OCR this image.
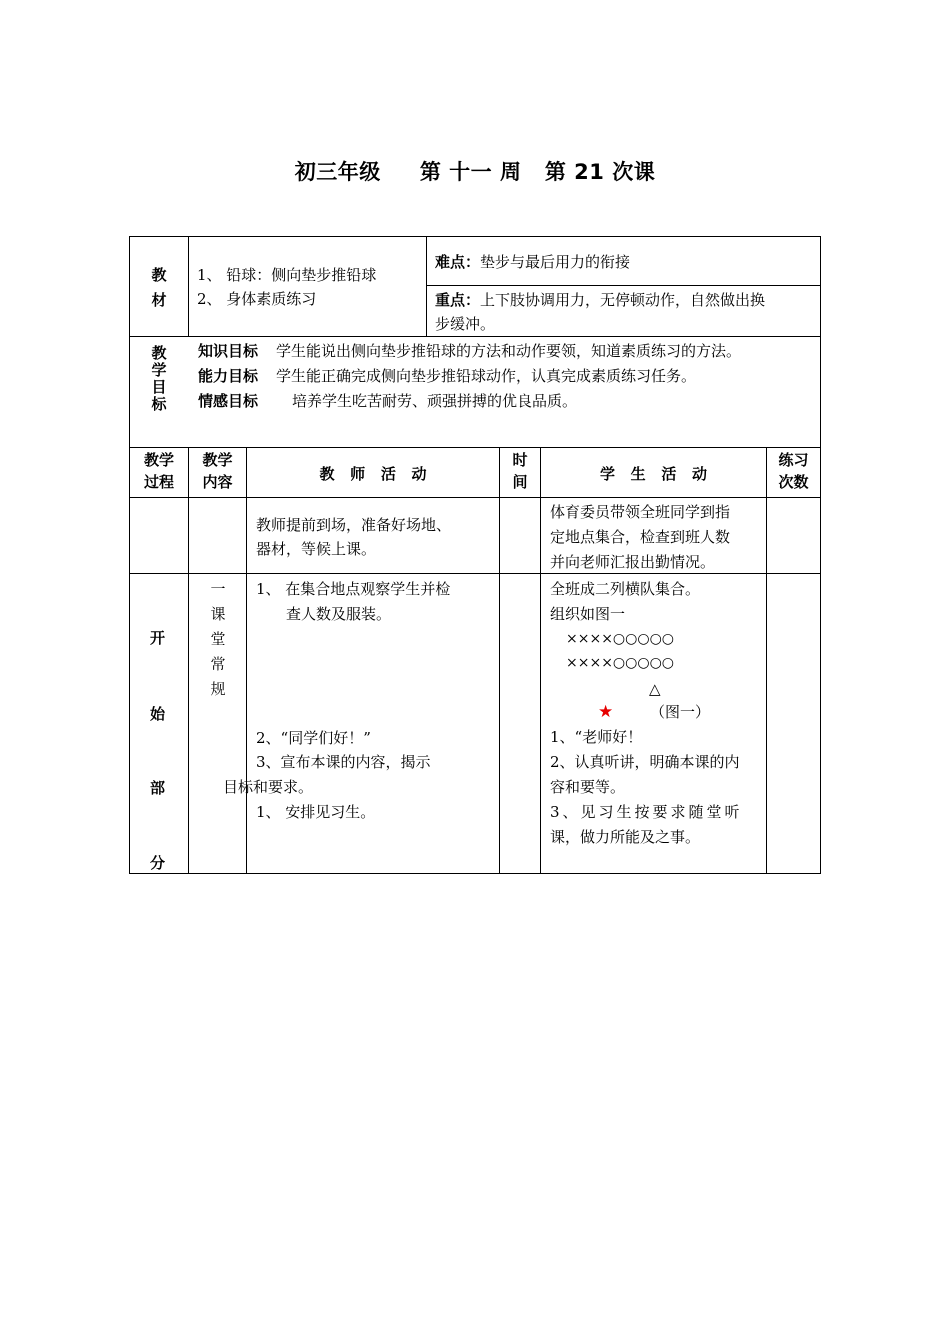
初三年级     第 十一 周   第 21 次课
教
材
1、 铅球：侧向垫步推铅球
2、 身体素质练习
难点：垫步与最后用力的衔接
重点：上下肢协调用力，无停顿动作，自然做出换
步缓冲。
教
学
目
标
知识目标 学生能说出侧向垫步推铅球的方法和动作要领，知道素质练习的方法。
能力目标 学生能正确完成侧向垫步推铅球动作，认真完成素质练习任务。
情感目标 培养学生吃苦耐劳、顽强拼搏的优良品质。
教学
过程
教学
内容	教   师   活   动
时
间	学   生   活   动
练习
次数
教师提前到场，准备好场地、
器材，等候上课。
体育委员带领全班同学到指
定地点集合，检查到班人数
并向老师汇报出勤情况。
开
始
部
分
一
课
堂
常
规
1、 在集合地点观察学生并检
查人数及服装。
2、“同学们好！”
3、宣布本课的内容，揭示
目标和要求。
1、 安排见习生。
全班成二列横队集合。
组织如图一
××××○○○○○
××××○○○○○
△
★ （图一）
1、“老师好！
2、认真听讲，明确本课的内
容和要等。
3、见习生按要求随堂听
课，做力所能及之事。
